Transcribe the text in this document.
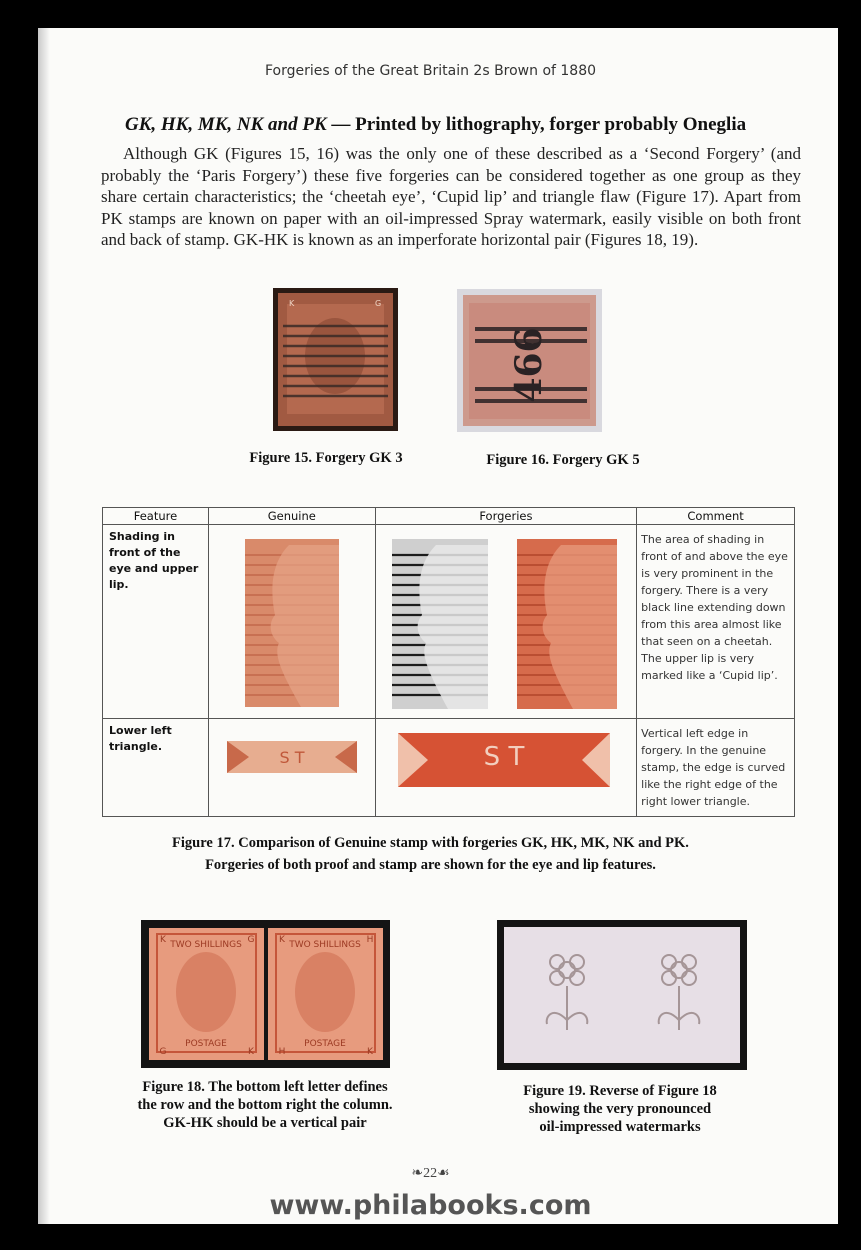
Forgeries of the Great Britain 2s Brown of 1880
GK, HK, MK, NK and PK — Printed by lithography, forger probably Oneglia

Although GK (Figures 15, 16) was the only one of these described as a ‘Second Forgery’ (and probably the ‘Paris Forgery’) these five forgeries can be considered together as one group as they share certain characteristics; the ‘cheetah eye’, ‘Cupid lip’ and triangle flaw (Figure 17). Apart from PK stamps are known on paper with an oil-impressed Spray watermark, easily visible on both front and back of stamp. GK-HK is known as an imperforate horizontal pair (Figures 18, 19).

K	G
Figure 15. Forgery GK 3
466
Figure 16. Forgery GK 5
Feature	Genuine	Forgeries	Comment
Shading in front of the eye and upper lip.			The area of shading in front of and above the eye is very prominent in the forgery. There is a very black line extending down from this area almost like that seen on a cheetah. The upper lip is very marked like a ‘Cupid lip’.
Lower left triangle.	S T	S T	Vertical left edge in forgery. In the genuine stamp, the edge is curved like the right edge of the right lower triangle.
Figure 17. Comparison of Genuine stamp with forgeries GK, HK, MK, NK and PK.
Forgeries of both proof and stamp are shown for the eye and lip features.
TWO SHILLINGS	TWO SHILLINGS
POSTAGE	POSTAGE
K	G
G	K
K	H
H	K
Figure 18. The bottom left letter defines
the row and the bottom right the column.
GK-HK should be a vertical pair
Figure 19. Reverse of Figure 18
showing the very pronounced
oil-impressed watermarks
❧22☙
www.philabooks.com
